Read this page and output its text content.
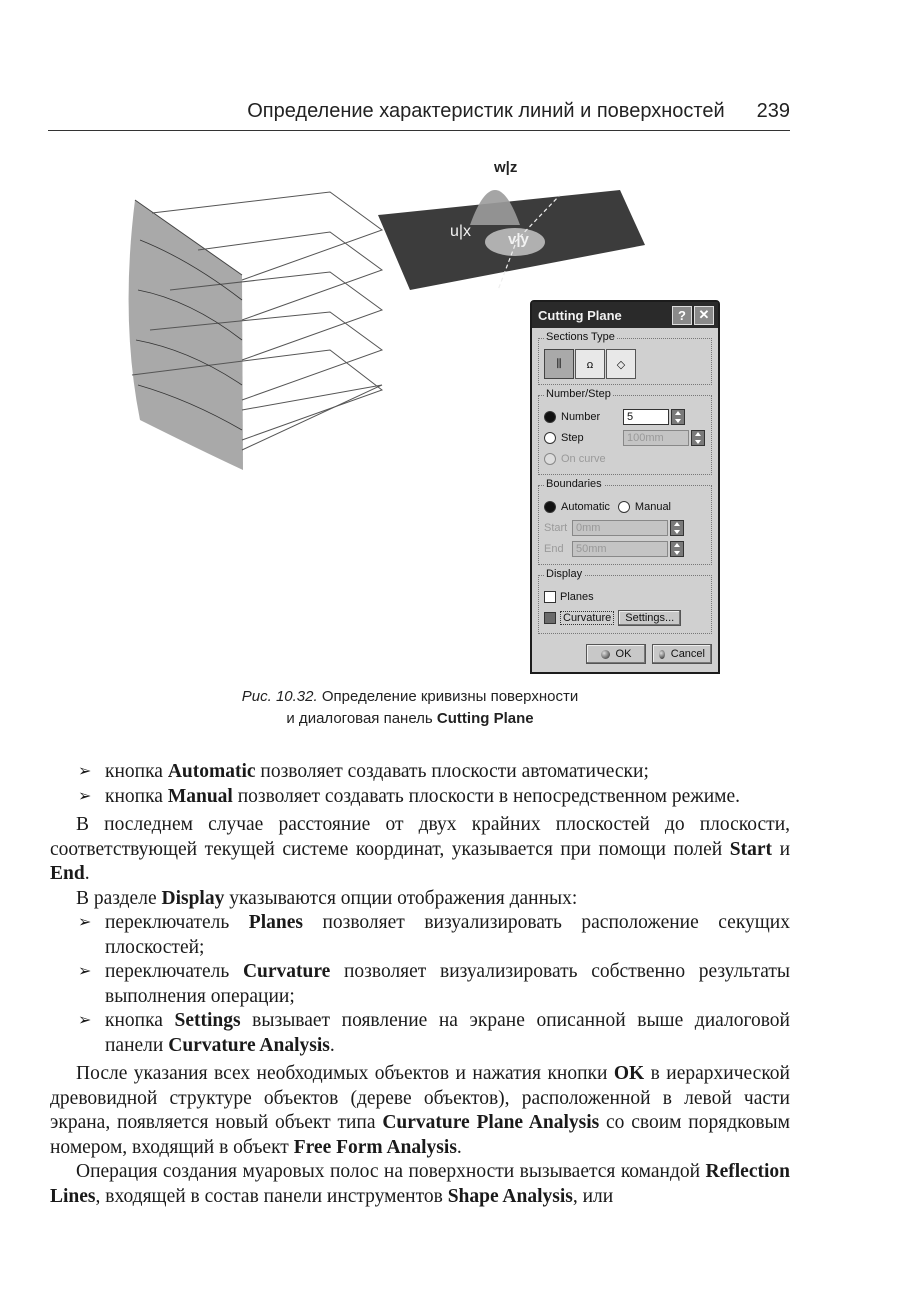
Определение характеристик линий и поверхностей 239
w|z
u|x v|y
Cutting Plane	? ✕
Sections Type
⫼	ꭥ	◇
Number/Step
Number	5
Step	100mm
On curve
Boundaries
Automatic Manual
Start 0mm
End	50mm
Display
Planes
Curvature	Settings...
OK	Cancel
Рис. 10.32. Определение кривизны поверхности
и диалоговая панель Cutting Plane
➢ кнопка Automatic позволяет создавать плоскости автоматически;
➢ кнопка Manual позволяет создавать плоскости в непосредственном режиме.

В последнем случае расстояние от двух крайних плоскостей до плоскости, соответствующей текущей системе координат, указывается при помощи полей Start и End.

В разделе Display указываются опции отображения данных:

➢ переключатель Planes позволяет визуализировать расположение секущих плоскостей;
➢ переключатель Curvature позволяет визуализировать собственно результаты выполнения операции;
➢ кнопка Settings вызывает появление на экране описанной выше диалоговой панели Curvature Analysis.

После указания всех необходимых объектов и нажатия кнопки OK в иерархической древовидной структуре объектов (дереве объектов), расположенной в левой части экрана, появляется новый объект типа Curvature Plane Analysis со своим порядковым номером, входящий в объект Free Form Analysis.

Операция создания муаровых полос на поверхности вызывается командой Reflection Lines, входящей в состав панели инструментов Shape Analysis, или
